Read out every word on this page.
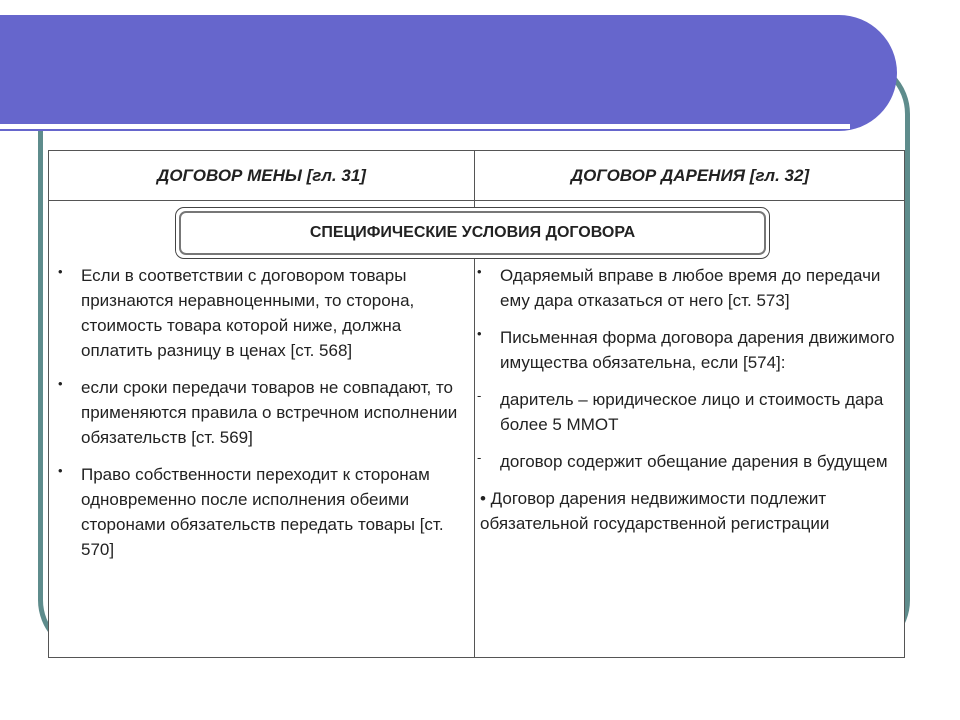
ДОГОВОР МЕНЫ [гл. 31]	ДОГОВОР ДАРЕНИЯ [гл. 32]
СПЕЦИФИЧЕСКИЕ УСЛОВИЯ ДОГОВОРА
• Если в соответствии с договором товары признаются неравноценными, то сторона, стоимость товара которой ниже, должна оплатить разницу в ценах [ст. 568]
• если сроки передачи товаров не совпадают, то применяются правила о встречном исполнении обязательств [ст. 569]
• Право собственности переходит к сторонам одновременно после исполнения обеими сторонами обязательств передать товары [ст. 570]
• Одаряемый вправе в любое время до передачи ему дара отказаться от него [ст. 573]
• Письменная форма договора дарения движимого имущества обязательна, если [574]:
- даритель – юридическое лицо и стоимость дара более 5 ММОТ
- договор содержит обещание дарения в будущем
• Договор дарения недвижимости подлежит обязательной государственной регистрации
